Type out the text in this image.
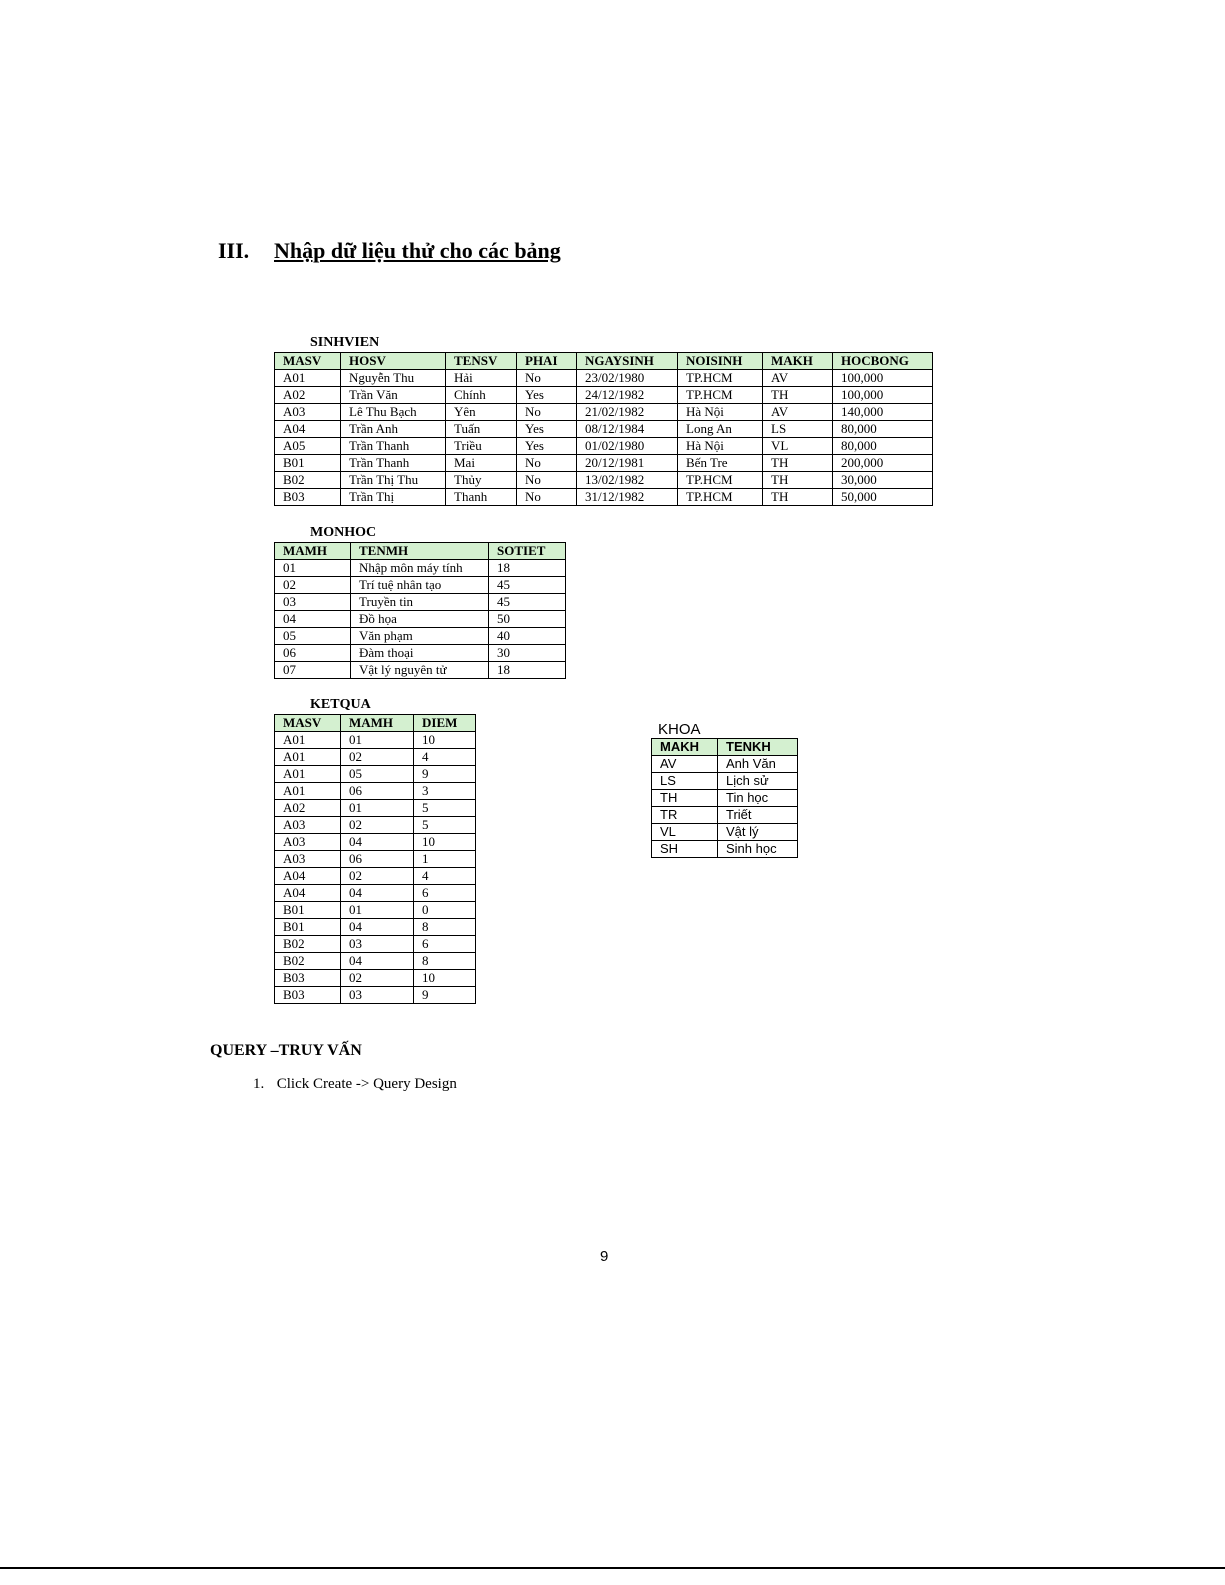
III. Nhập dữ liệu thử cho các bảng
SINHVIEN
MASV	HOSV	TENSV	PHAI	NGAYSINH	NOISINH	MAKH	HOCBONG
A01	Nguyễn Thu	Hải	No	23/02/1980	TP.HCM	AV	100,000
A02	Trần Văn	Chính	Yes	24/12/1982	TP.HCM	TH	100,000
A03	Lê Thu Bạch	Yên	No	21/02/1982	Hà Nội	AV	140,000
A04	Trần Anh	Tuấn	Yes	08/12/1984	Long An	LS	80,000
A05	Trần Thanh	Triều	Yes	01/02/1980	Hà Nội	VL	80,000
B01	Trần Thanh	Mai	No	20/12/1981	Bến Tre	TH	200,000
B02	Trần Thị Thu	Thủy	No	13/02/1982	TP.HCM	TH	30,000
B03	Trần Thị	Thanh	No	31/12/1982	TP.HCM	TH	50,000
MONHOC
MAMH	TENMH	SOTIET
01	Nhập môn máy tính	18
02	Trí tuệ nhân tạo	45
03	Truyền tin	45
04	Đồ họa	50
05	Văn phạm	40
06	Đàm thoại	30
07	Vật lý nguyên tử	18
KETQUA
MASV	MAMH	DIEM
A01	01	10
A01	02	4
A01	05	9
A01	06	3
A02	01	5
A03	02	5
A03	04	10
A03	06	1
A04	02	4
A04	04	6
B01	01	0
B01	04	8
B02	03	6
B02	04	8
B03	02	10
B03	03	9
KHOA
MAKH	TENKH
AV	Anh Văn
LS	Lịch sử
TH	Tin học
TR	Triết
VL	Vật lý
SH	Sinh học
QUERY –TRUY VẤN
1. Click Create -> Query Design
9
